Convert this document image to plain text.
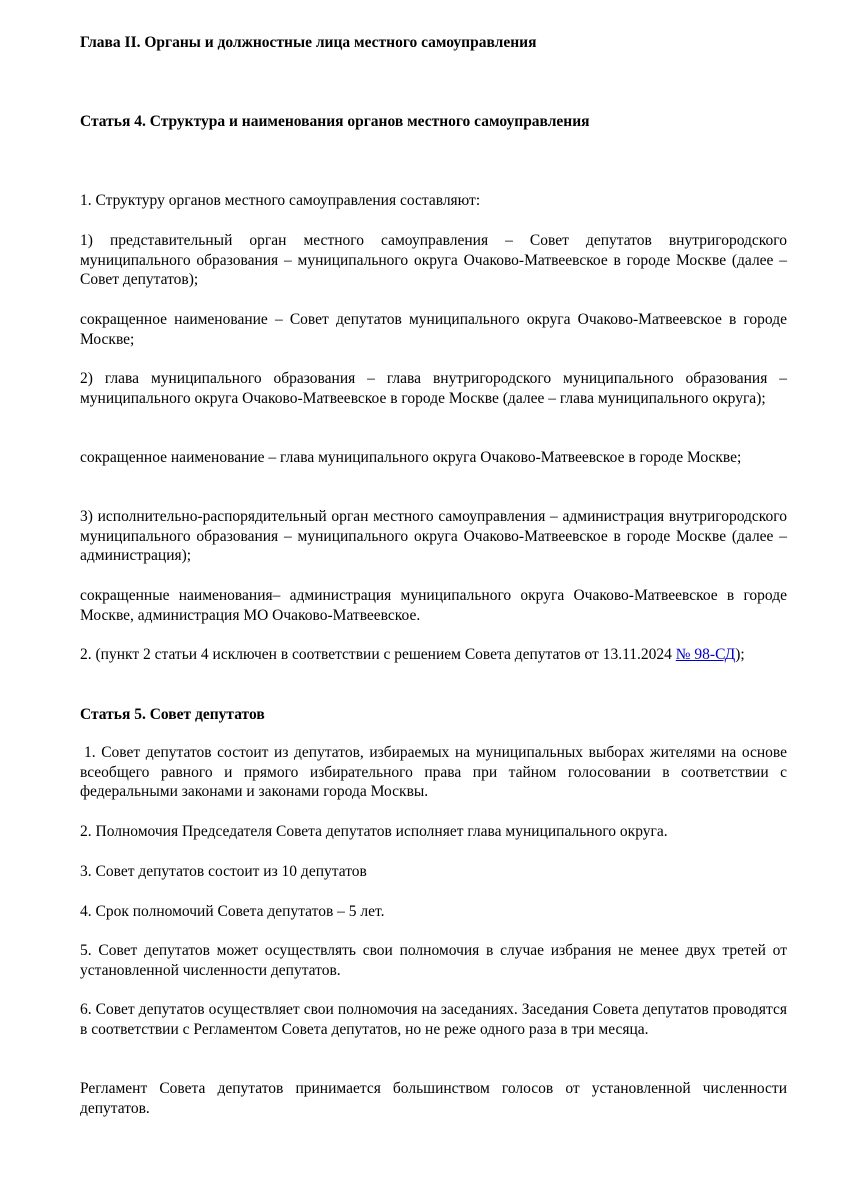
Глава II. Органы и должностные лица местного самоуправления
Статья 4. Структура и наименования органов местного самоуправления
1. Структуру органов местного самоуправления составляют:
1) представительный орган местного самоуправления – Совет депутатов внутригородского муниципального образования – муниципального округа Очаково-Матвеевское в городе Москве (далее – Совет депутатов);
сокращенное наименование – Совет депутатов муниципального округа Очаково-Матвеевское в городе Москве;
2) глава муниципального образования – глава внутригородского муниципального образования – муниципального округа Очаково-Матвеевское в городе Москве (далее – глава муниципального округа);
сокращенное наименование – глава муниципального округа Очаково-Матвеевское в городе Москве;
3) исполнительно-распорядительный орган местного самоуправления – администрация внутригородского муниципального образования – муниципального округа Очаково-Матвеевское в городе Москве (далее – администрация);
сокращенные наименования– администрация муниципального округа Очаково-Матвеевское в городе Москве, администрация МО Очаково-Матвеевское.
2. (пункт 2 статьи 4 исключен в соответствии с решением Совета депутатов от 13.11.2024 № 98-СД);
Статья 5. Совет депутатов
1. Совет депутатов состоит из депутатов, избираемых на муниципальных выборах жителями на основе всеобщего равного и прямого избирательного права при тайном голосовании в соответствии с федеральными законами и законами города Москвы.
2. Полномочия Председателя Совета депутатов исполняет глава муниципального округа.
3. Совет депутатов состоит из 10 депутатов
4. Срок полномочий Совета депутатов – 5 лет.
5. Совет депутатов может осуществлять свои полномочия в случае избрания не менее двух третей от установленной численности депутатов.
6. Совет депутатов осуществляет свои полномочия на заседаниях. Заседания Совета депутатов проводятся в соответствии с Регламентом Совета депутатов, но не реже одного раза в три месяца.
Регламент Совета депутатов принимается большинством голосов от установленной численности депутатов.
